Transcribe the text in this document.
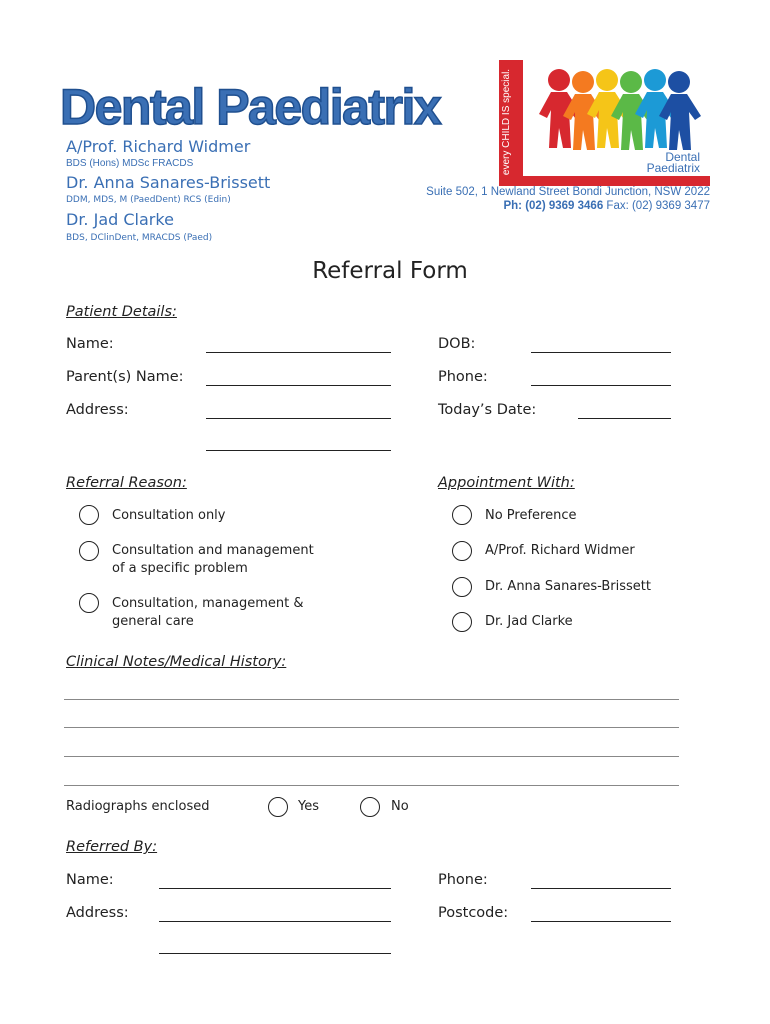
Dental Paediatrix
A/Prof. Richard Widmer
BDS (Hons) MDSc FRACDS
Dr. Anna Sanares-Brissett
DDM, MDS, M (PaedDent) RCS (Edin)
Dr. Jad Clarke
BDS, DClinDent, MRACDS (Paed)
every CHILD IS special.	Dental
Paediatrix
Suite 502, 1 Newland Street Bondi Junction, NSW 2022
Ph: (02) 9369 3466 Fax: (02) 9369 3477
Referral Form
Patient Details:
Name:	DOB:
Parent(s) Name:	Phone:
Address:	Today’s Date:
Referral Reason:
Consultation only
Consultation and management of a specific problem
Consultation, management & general care
Appointment With:
No Preference
A/Prof. Richard Widmer
Dr. Anna Sanares-Brissett
Dr. Jad Clarke
Clinical Notes/Medical History:
Radiographs enclosed	Yes	No
Referred By:
Name:	Phone:
Address:	Postcode:
